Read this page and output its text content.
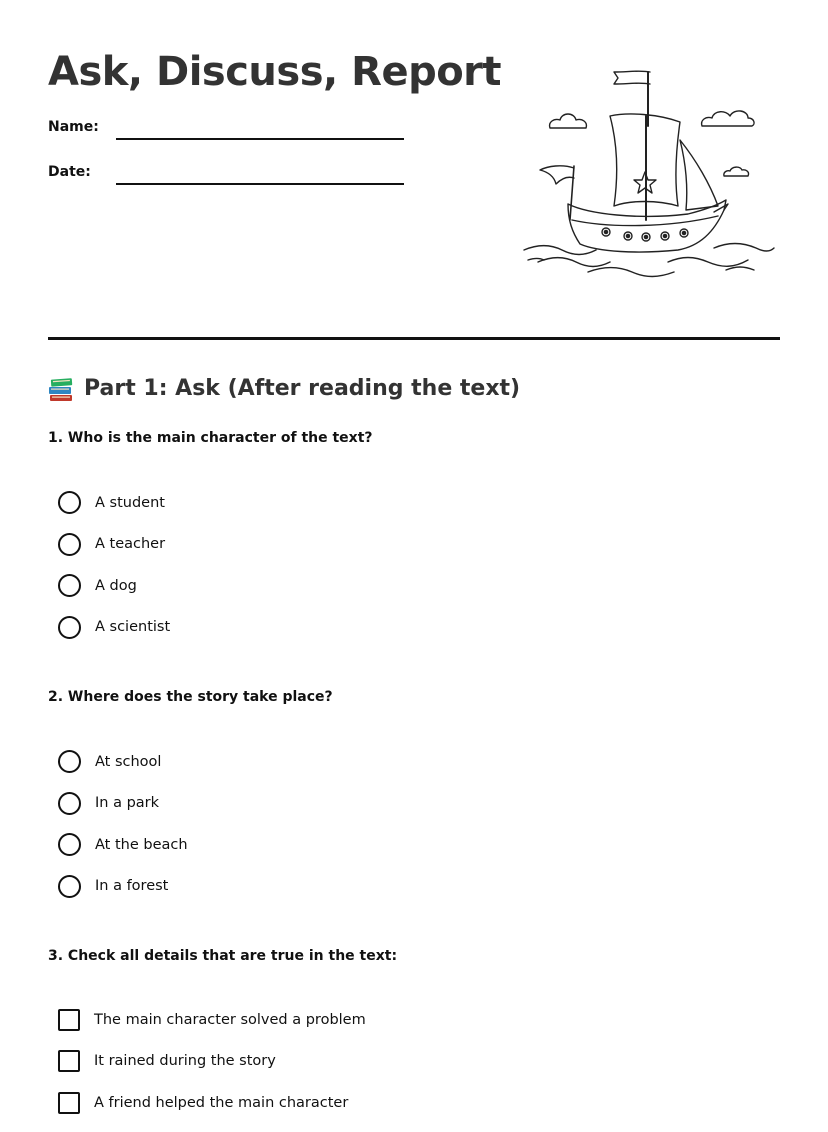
Ask, Discuss, Report
Name:
Date:
Part 1: Ask (After reading the text)
1. Who is the main character of the text?
A student
A teacher
A dog
A scientist
2. Where does the story take place?
At school
In a park
At the beach
In a forest
3. Check all details that are true in the text:
The main character solved a problem
It rained during the story
A friend helped the main character
